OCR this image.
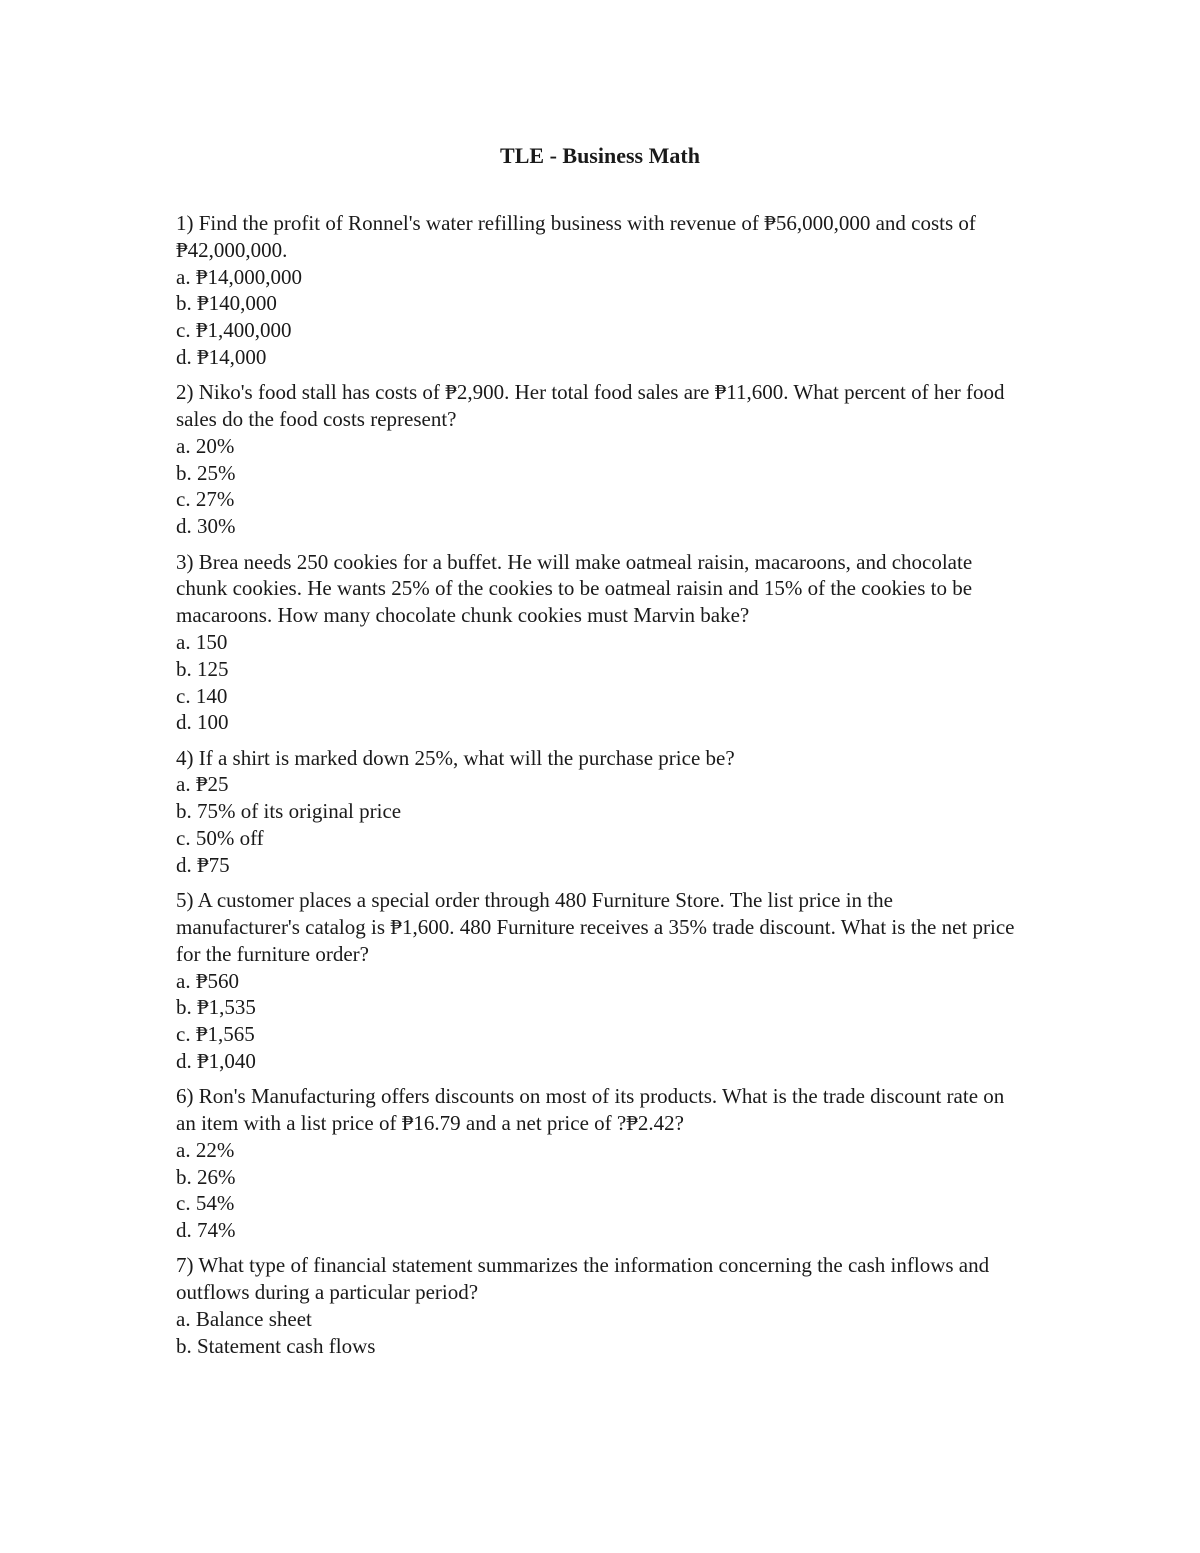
TLE - Business Math
1) Find the profit of Ronnel's water refilling business with revenue of ₱56,000,000 and costs of ₱42,000,000.
a. ₱14,000,000
b. ₱140,000
c. ₱1,400,000
d. ₱14,000
2) Niko's food stall has costs of ₱2,900. Her total food sales are ₱11,600. What percent of her food sales do the food costs represent?
a. 20%
b. 25%
c. 27%
d. 30%
3) Brea needs 250 cookies for a buffet. He will make oatmeal raisin, macaroons, and chocolate chunk cookies. He wants 25% of the cookies to be oatmeal raisin and 15% of the cookies to be macaroons. How many chocolate chunk cookies must Marvin bake?
a. 150
b. 125
c. 140
d. 100
4) If a shirt is marked down 25%, what will the purchase price be?
a. ₱25
b. 75% of its original price
c. 50% off
d. ₱75
5) A customer places a special order through 480 Furniture Store. The list price in the manufacturer's catalog is ₱1,600. 480 Furniture receives a 35% trade discount. What is the net price for the furniture order?
a. ₱560
b. ₱1,535
c. ₱1,565
d. ₱1,040
6) Ron's Manufacturing offers discounts on most of its products. What is the trade discount rate on an item with a list price of ₱16.79 and a net price of ?₱2.42?
a. 22%
b. 26%
c. 54%
d. 74%
7) What type of financial statement summarizes the information concerning the cash inflows and outflows during a particular period?
a. Balance sheet
b. Statement cash flows
